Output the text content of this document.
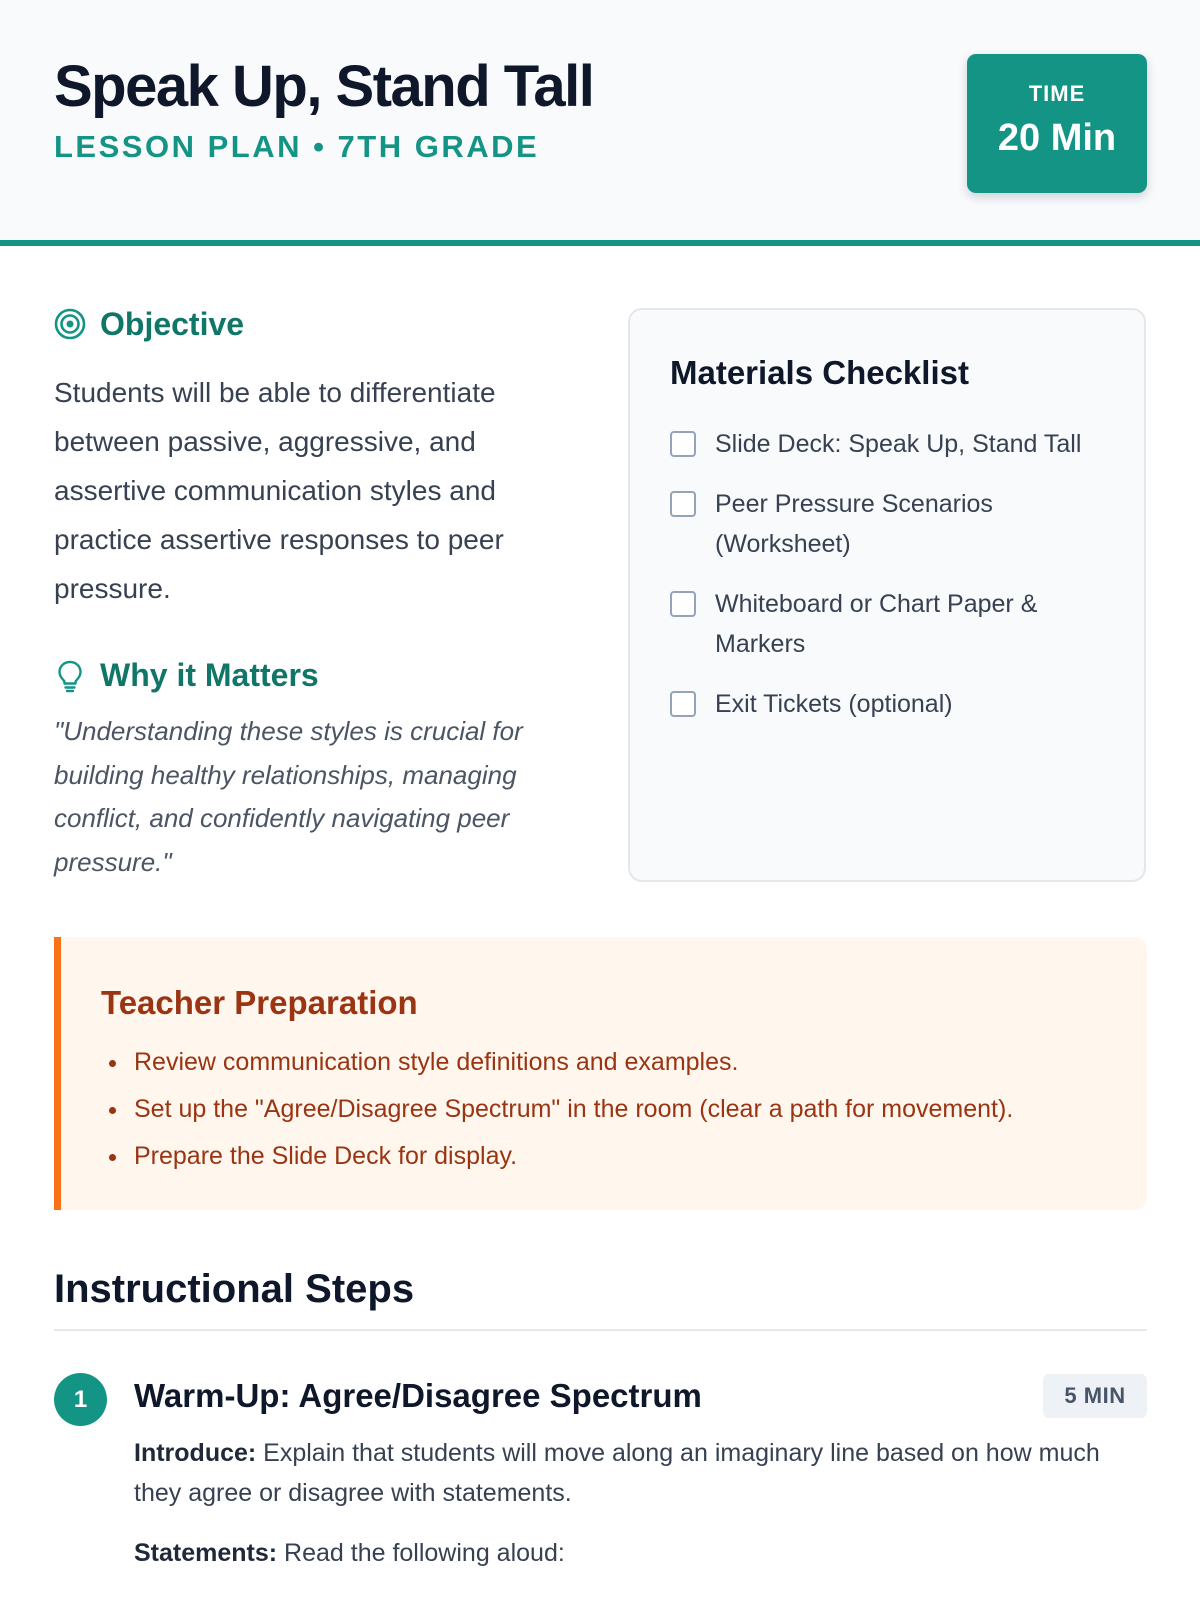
Speak Up, Stand Tall
LESSON PLAN • 7TH GRADE
TIME
20 Min
Objective

Students will be able to differentiate between passive, aggressive, and assertive communication styles and practice assertive responses to peer pressure.

Why it Matters

"Understanding these styles is crucial for building healthy relationships, managing conflict, and confidently navigating peer pressure."

Materials Checklist
Slide Deck: Speak Up, Stand Tall
Peer Pressure Scenarios (Worksheet)
Whiteboard or Chart Paper & Markers
Exit Tickets (optional)
Teacher Preparation
Review communication style definitions and examples.
Set up the "Agree/Disagree Spectrum" in the room (clear a path for movement).
Prepare the Slide Deck for display.
Instructional Steps
1	Warm-Up: Agree/Disagree Spectrum	5 MIN

Introduce: Explain that students will move along an imaginary line based on how much they agree or disagree with statements.

Statements: Read the following aloud:
